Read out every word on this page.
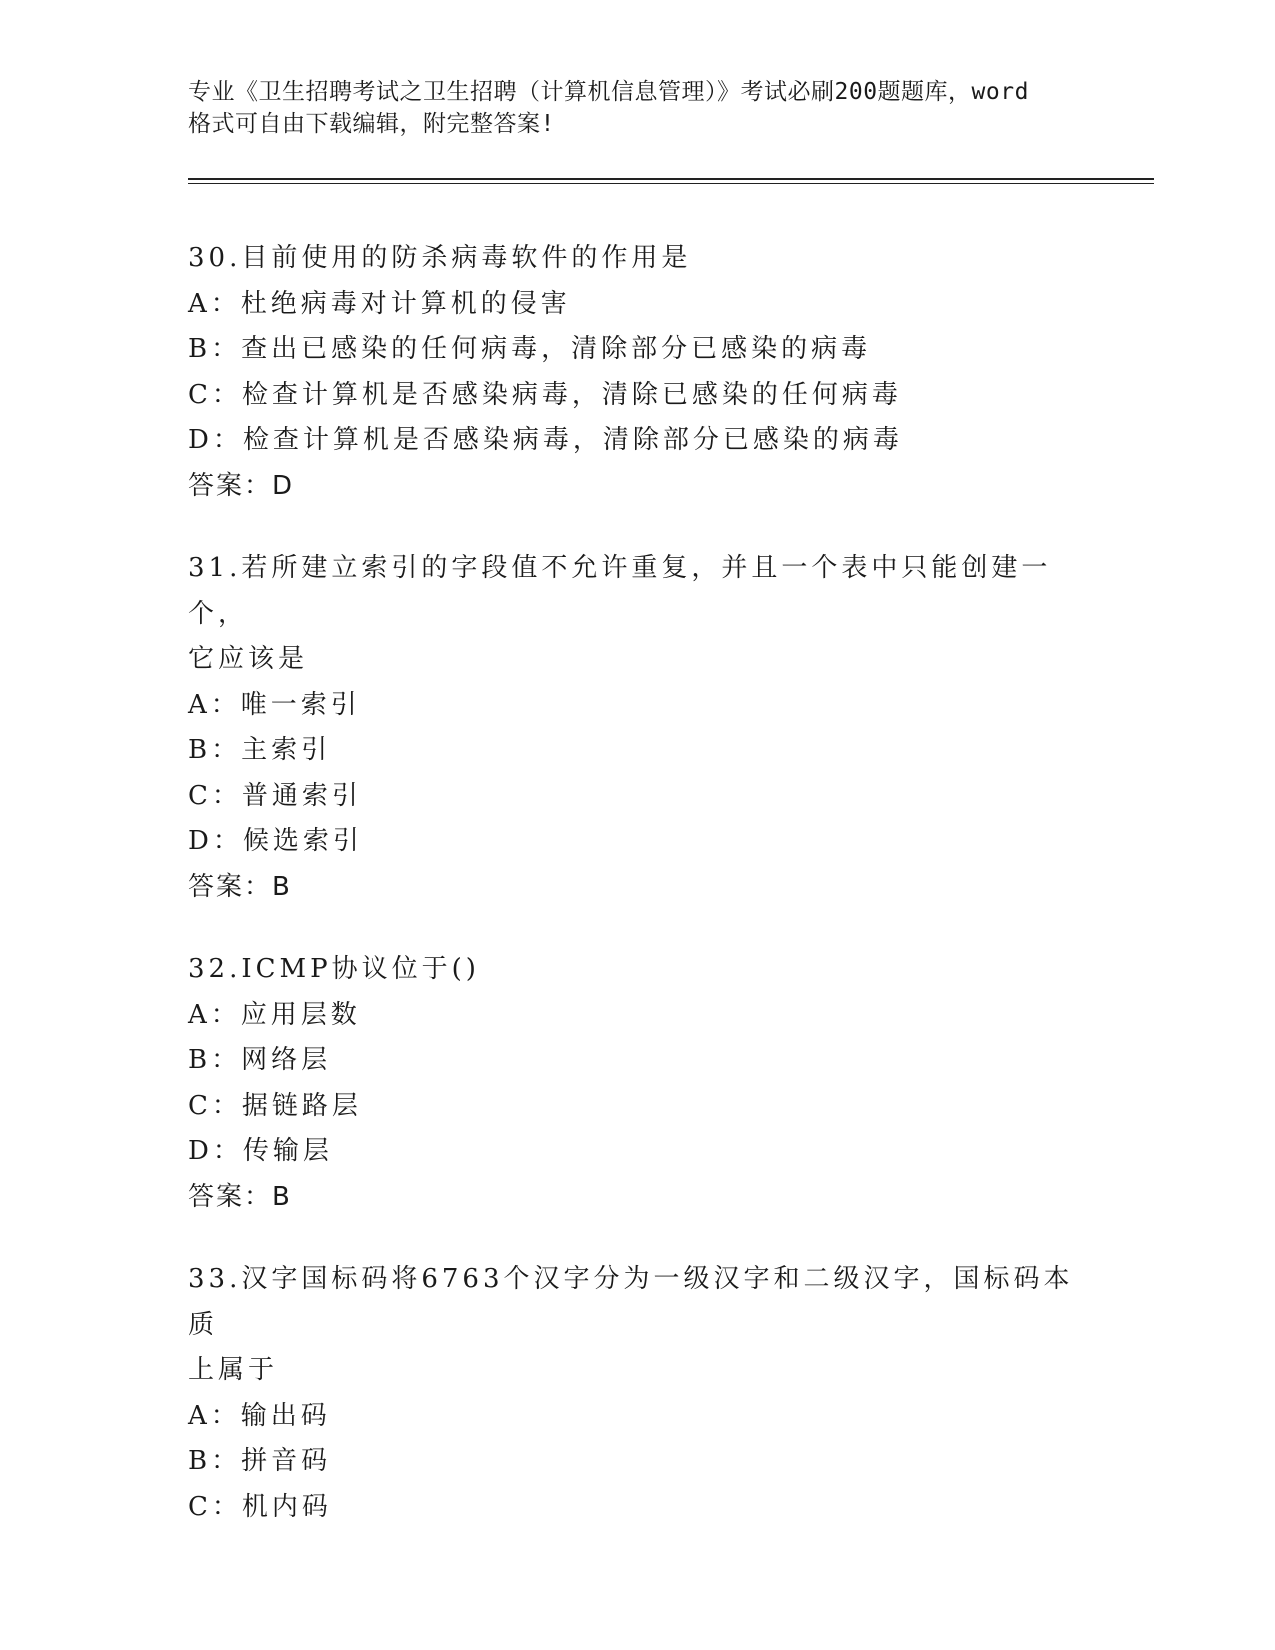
专业《卫生招聘考试之卫生招聘（计算机信息管理）》考试必刷200题题库，word
格式可自由下载编辑，附完整答案!

30.目前使用的防杀病毒软件的作用是

A：杜绝病毒对计算机的侵害

B：查出已感染的任何病毒，清除部分已感染的病毒

C：检查计算机是否感染病毒，清除已感染的任何病毒

D：检查计算机是否感染病毒，清除部分已感染的病毒

答案：D

31.若所建立索引的字段值不允许重复，并且一个表中只能创建一个，

它应该是

A：唯一索引

B：主索引

C：普通索引

D：候选索引

答案：B

32.ICMP协议位于()

A：应用层数

B：网络层

C：据链路层

D：传输层

答案：B

33.汉字国标码将6763个汉字分为一级汉字和二级汉字，国标码本质

上属于

A：输出码

B：拼音码

C：机内码
